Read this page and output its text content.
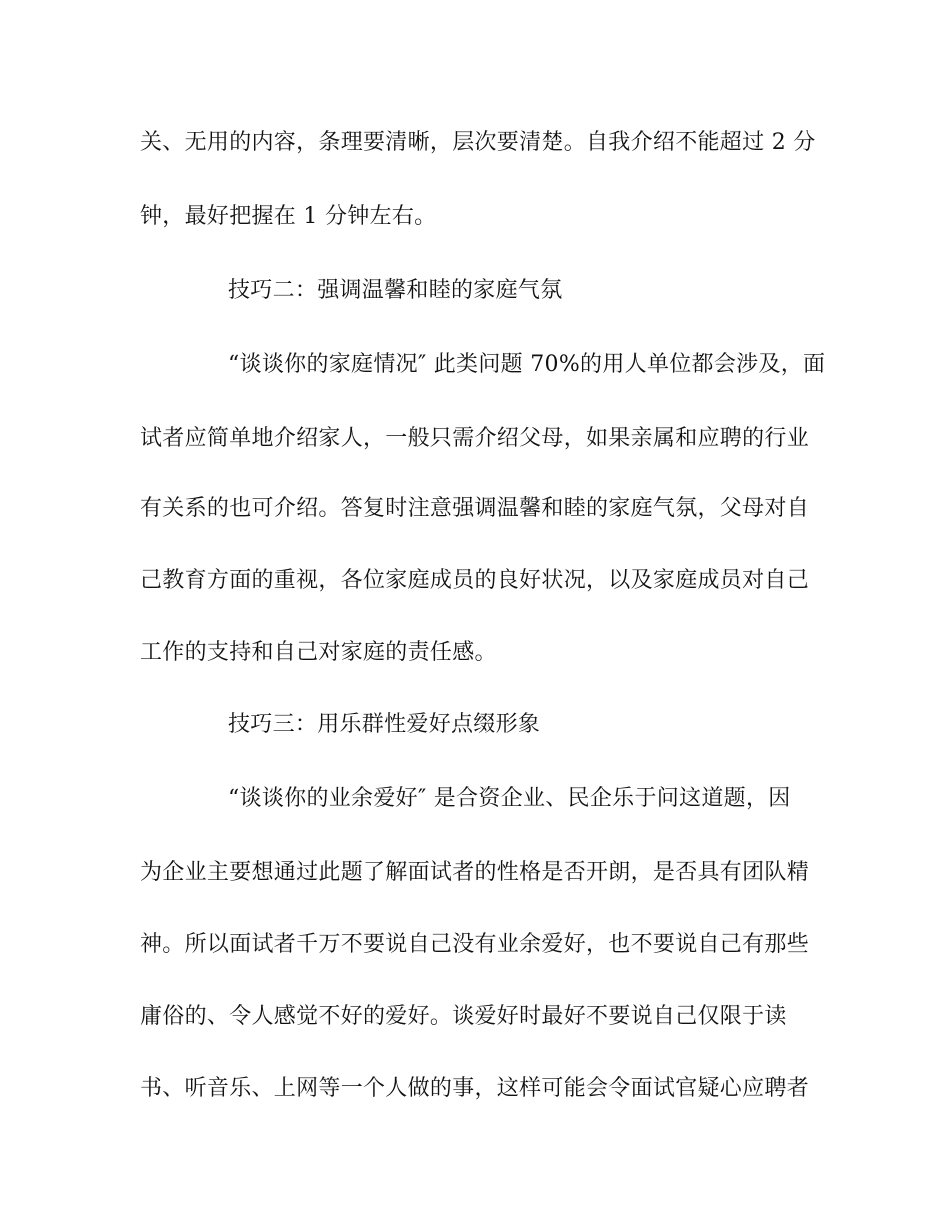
关、无用的内容，条理要清晰，层次要清楚。自我介绍不能超过 2 分
钟，最好把握在 1 分钟左右。
技巧二：强调温馨和睦的家庭气氛
“谈谈你的家庭情况″ 此类问题 70%的用人单位都会涉及，面
试者应简单地介绍家人，一般只需介绍父母，如果亲属和应聘的行业
有关系的也可介绍。答复时注意强调温馨和睦的家庭气氛，父母对自
己教育方面的重视，各位家庭成员的良好状况，以及家庭成员对自己
工作的支持和自己对家庭的责任感。
技巧三：用乐群性爱好点缀形象
“谈谈你的业余爱好″ 是合资企业、民企乐于问这道题，因
为企业主要想通过此题了解面试者的性格是否开朗，是否具有团队精
神。所以面试者千万不要说自己没有业余爱好，也不要说自己有那些
庸俗的、令人感觉不好的爱好。谈爱好时最好不要说自己仅限于读
书、听音乐、上网等一个人做的事，这样可能会令面试官疑心应聘者
